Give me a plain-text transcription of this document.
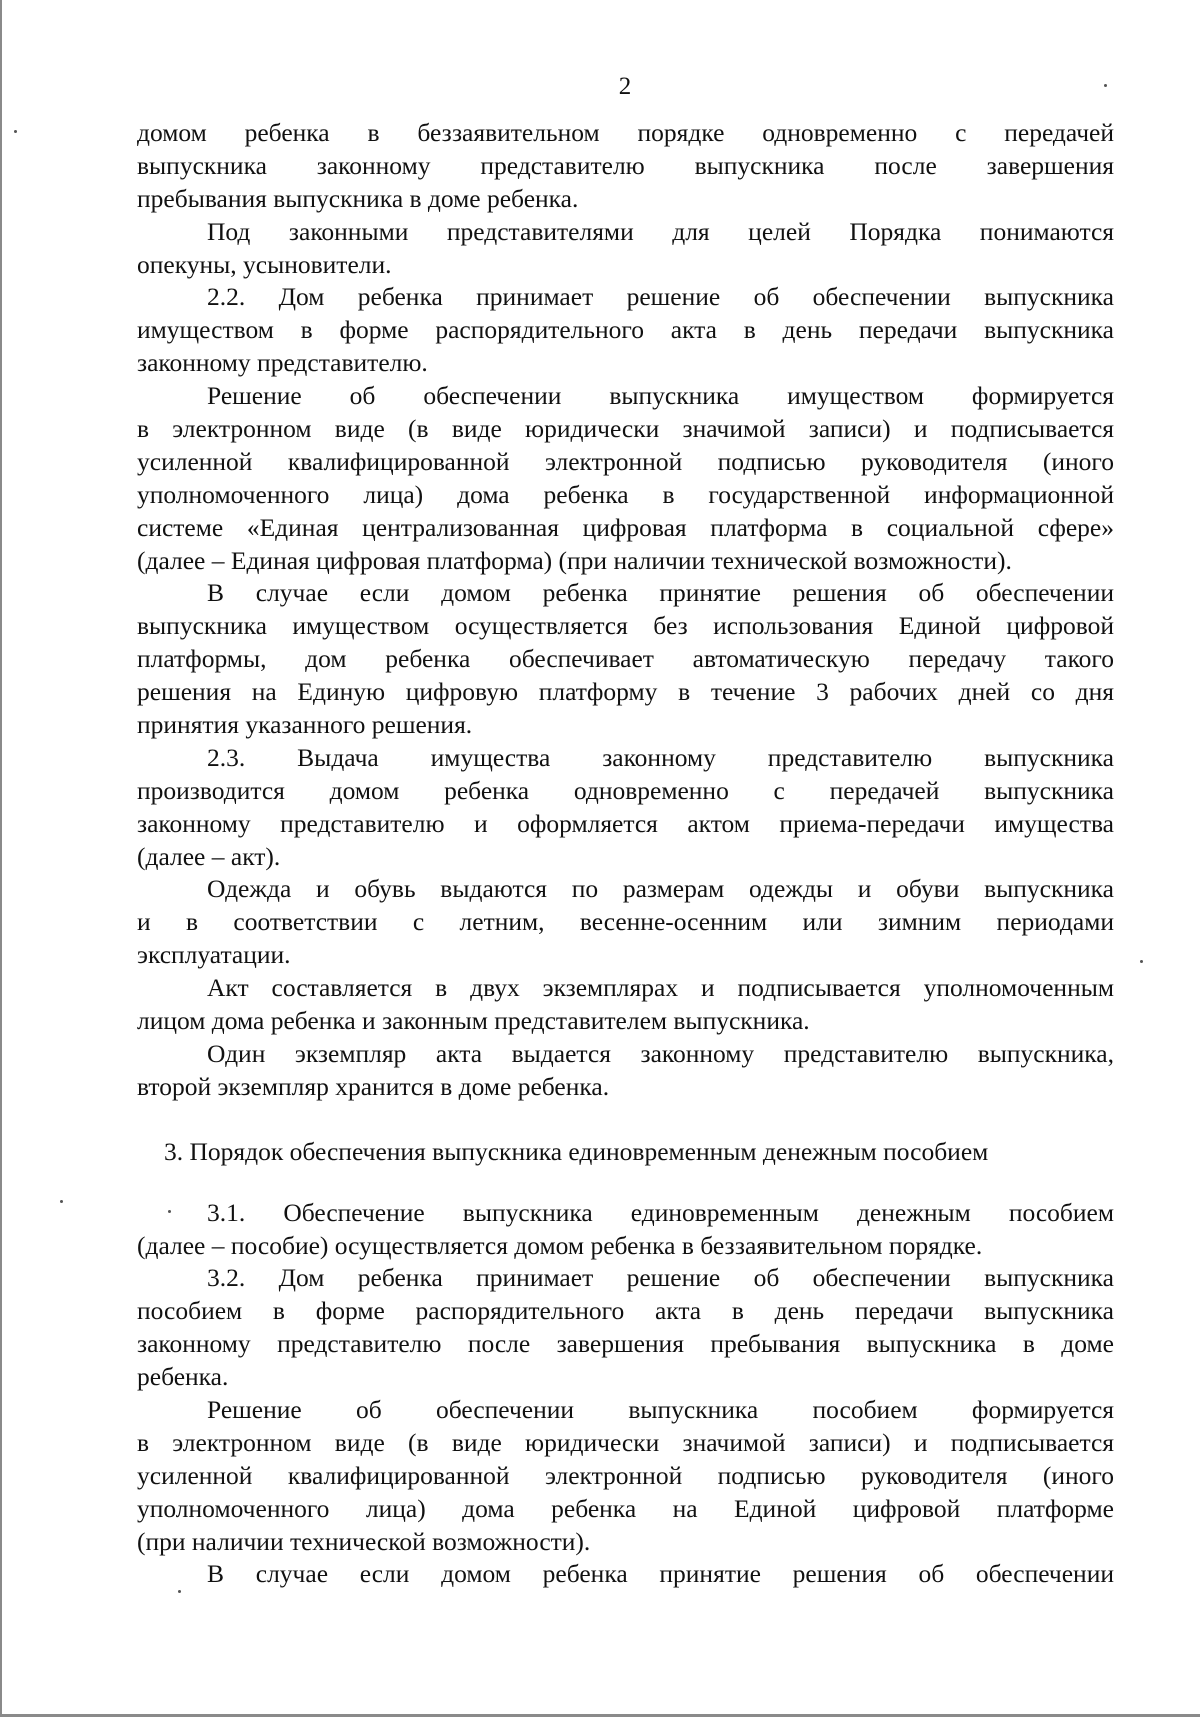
2
домом ребенка в беззаявительном порядке одновременно с передачей
выпускника законному представителю выпускника после завершения
пребывания выпускника в доме ребенка.
Под законными представителями для целей Порядка понимаются
опекуны, усыновители.
2.2. Дом ребенка принимает решение об обеспечении выпускника
имуществом в форме распорядительного акта в день передачи выпускника
законному представителю.
Решение об обеспечении выпускника имуществом формируется
в электронном виде (в виде юридически значимой записи) и подписывается
усиленной квалифицированной электронной подписью руководителя (иного
уполномоченного лица) дома ребенка в государственной информационной
системе «Единая централизованная цифровая платформа в социальной сфере»
(далее – Единая цифровая платформа) (при наличии технической возможности).
В случае если домом ребенка принятие решения об обеспечении
выпускника имуществом осуществляется без использования Единой цифровой
платформы, дом ребенка обеспечивает автоматическую передачу такого
решения на Единую цифровую платформу в течение 3 рабочих дней со дня
принятия указанного решения.
2.3. Выдача имущества законному представителю выпускника
производится домом ребенка одновременно с передачей выпускника
законному представителю и оформляется актом приема-передачи имущества
(далее – акт).
Одежда и обувь выдаются по размерам одежды и обуви выпускника
и в соответствии с летним, весенне-осенним или зимним периодами
эксплуатации.
Акт составляется в двух экземплярах и подписывается уполномоченным
лицом дома ребенка и законным представителем выпускника.
Один экземпляр акта выдается законному представителю выпускника,
второй экземпляр хранится в доме ребенка.
3. Порядок обеспечения выпускника единовременным денежным пособием
3.1. Обеспечение выпускника единовременным денежным пособием
(далее – пособие) осуществляется домом ребенка в беззаявительном порядке.
3.2. Дом ребенка принимает решение об обеспечении выпускника
пособием в форме распорядительного акта в день передачи выпускника
законному представителю после завершения пребывания выпускника в доме
ребенка.
Решение об обеспечении выпускника пособием формируется
в электронном виде (в виде юридически значимой записи) и подписывается
усиленной квалифицированной электронной подписью руководителя (иного
уполномоченного лица) дома ребенка на Единой цифровой платформе
(при наличии технической возможности).
В случае если домом ребенка принятие решения об обеспечении
